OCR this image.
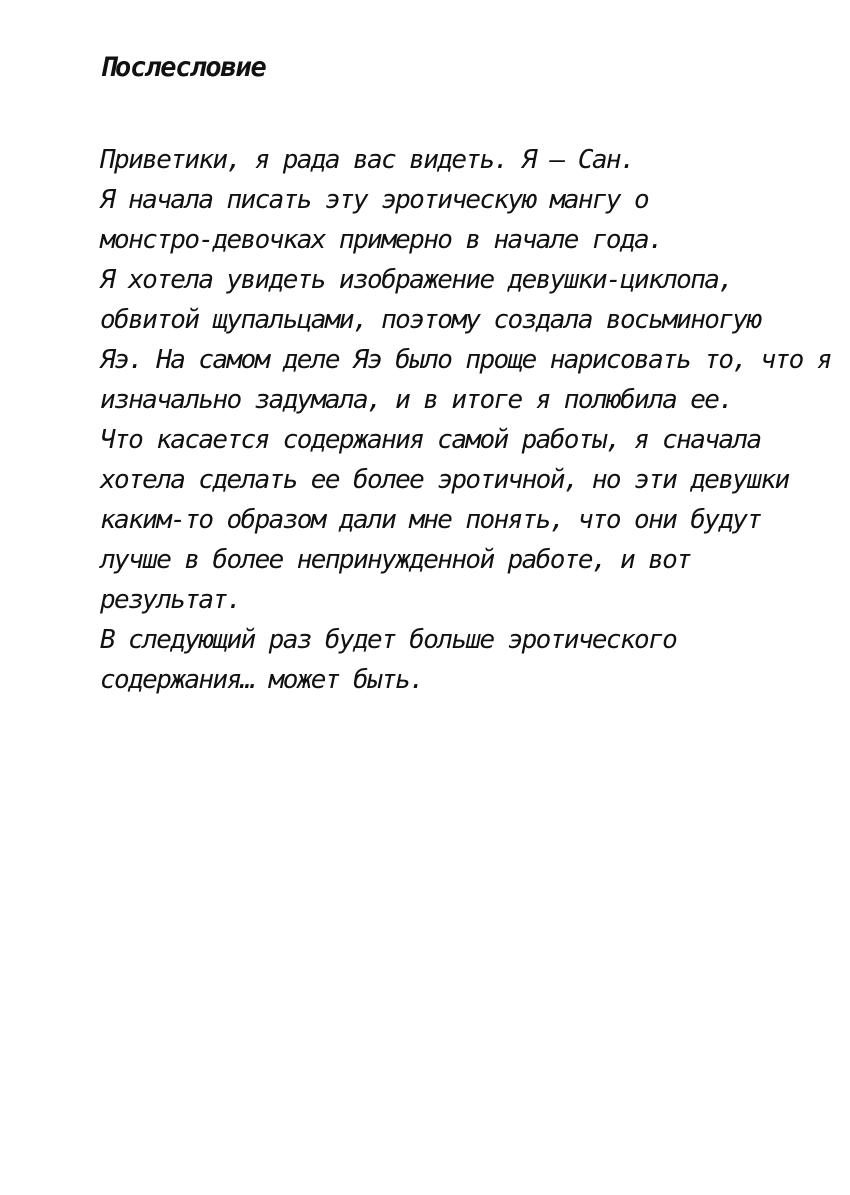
Послесловие
Приветики, я рада вас видеть. Я – Сан.
Я начала писать эту эротическую мангу о
монстро-девочках примерно в начале года.
Я хотела увидеть изображение девушки-циклопа,
обвитой щупальцами, поэтому создала восьминогую
Яэ. На самом деле Яэ было проще нарисовать то, что я
изначально задумала, и в итоге я полюбила ее.
Что касается содержания самой работы, я сначала
хотела сделать ее более эротичной, но эти девушки
каким-то образом дали мне понять, что они будут
лучше в более непринужденной работе, и вот
результат.
В следующий раз будет больше эротического
содержания… может быть.
